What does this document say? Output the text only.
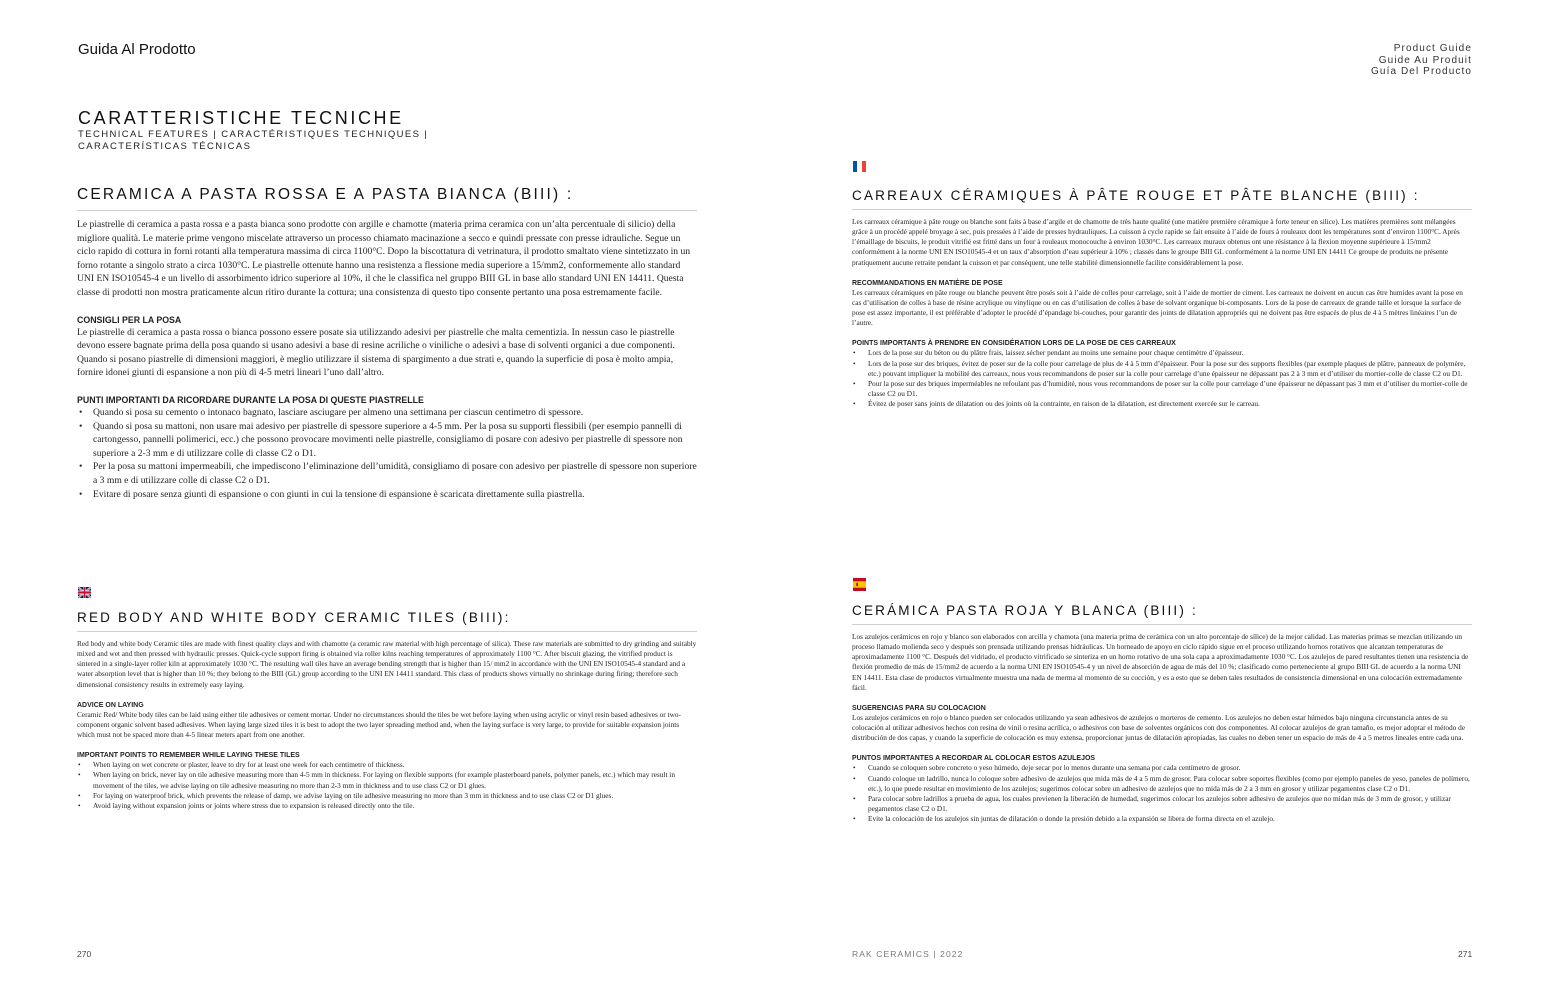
Guida Al Prodotto	Product Guide
Guide Au Produit
Guía Del Producto
CARATTERISTICHE TECNICHE
TECHNICAL FEATURES | CARACTÉRISTIQUES TECHNIQUES |
CARACTERÍSTICAS TÉCNICAS
CERAMICA A PASTA ROSSA E A PASTA BIANCA (BIII) :

Le piastrelle di ceramica a pasta rossa e a pasta bianca sono prodotte con argille e chamotte (materia prima ceramica con un’alta percentuale di silicio) della migliore qualità. Le materie prime vengono miscelate attraverso un processo chiamato macinazione a secco e quindi pressate con presse idrauliche. Segue un ciclo rapido di cottura in forni rotanti alla temperatura massima di circa 1100°C. Dopo la biscottatura di vetrinatura, il prodotto smaltato viene sintetizzato in un forno rotante a singolo strato a circa 1030°C. Le piastrelle ottenute hanno una resistenza a flessione media superiore a 15/mm2, conformemente allo standard UNI EN ISO10545-4 e un livello di assorbimento idrico superiore al 10%, il che le classifica nel gruppo BIII GL in base allo standard UNI EN 14411. Questa classe di prodotti non mostra praticamente alcun ritiro durante la cottura; una consistenza di questo tipo consente pertanto una posa estremamente facile.

CONSIGLI PER LA POSA

Le piastrelle di ceramica a pasta rossa o bianca possono essere posate sia utilizzando adesivi per piastrelle che malta cementizia. In nessun caso le piastrelle devono essere bagnate prima della posa quando si usano adesivi a base di resine acriliche o viniliche o adesivi a base di solventi organici a due componenti. Quando si posano piastrelle di dimensioni maggiori, è meglio utilizzare il sistema di spargimento a due strati e, quando la superficie di posa è molto ampia, fornire idonei giunti di espansione a non più di 4-5 metri lineari l’uno dall’altro.

PUNTI IMPORTANTI DA RICORDARE DURANTE LA POSA DI QUESTE PIASTRELLE

• Quando si posa su cemento o intonaco bagnato, lasciare asciugare per almeno una settimana per ciascun centimetro di spessore.
• Quando si posa su mattoni, non usare mai adesivo per piastrelle di spessore superiore a 4-5 mm. Per la posa su supporti flessibili (per esempio pannelli di cartongesso, pannelli polimerici, ecc.) che possono provocare movimenti nelle piastrelle, consigliamo di posare con adesivo per piastrelle di spessore non superiore a 2-3 mm e di utilizzare colle di classe C2 o D1.
• Per la posa su mattoni impermeabili, che impediscono l’eliminazione dell’umidità, consigliamo di posare con adesivo per piastrelle di spessore non superiore a 3 mm e di utilizzare colle di classe C2 o D1.
• Evitare di posare senza giunti di espansione o con giunti in cui la tensione di espansione è scaricata direttamente sulla piastrella.
CARREAUX CÉRAMIQUES À PÂTE ROUGE ET PÂTE BLANCHE (BIII) :

Les carreaux céramique à pâte rouge ou blanche sont faits à base d’argile et de chamotte de très haute qualité (une matière première céramique à forte teneur en silice). Les matières premières sont mélangées grâce à un procédé appelé broyage à sec, puis pressées à l’aide de presses hydrauliques. La cuisson à cycle rapide se fait ensuite à l’aide de fours à rouleaux dont les températures sont d’environ 1100°C. Après l’émaillage de biscuits, le produit vitrifié est fritté dans un four à rouleaux monocouche à environ 1030°C. Les carreaux muraux obtenus ont une résistance à la flexion moyenne supérieure à 15/mm2 conformément à la norme UNI EN ISO10545-4 et un taux d’absorption d’eau supérieur à 10% ; classés dans le groupe BIII GL conformément à la norme UNI EN 14411 Ce groupe de produits ne présente pratiquement aucune retraite pendant la cuisson et par conséquent, une telle stabilité dimensionnelle facilite considérablement la pose.

RECOMMANDATIONS EN MATIÈRE DE POSE

Les carreaux céramiques en pâte rouge ou blanche peuvent être posés soit à l’aide de colles pour carrelage, soit à l’aide de mortier de ciment. Les carreaux ne doivent en aucun cas être humides avant la pose en cas d’utilisation de colles à base de résine acrylique ou vinylique ou en cas d’utilisation de colles à base de solvant organique bi-composants. Lors de la pose de carreaux de grande taille et lorsque la surface de pose est assez importante, il est préférable d’adopter le procédé d’épandage bi-couches, pour garantir des joints de dilatation appropriés qui ne doivent pas être espacés de plus de 4 à 5 mètres linéaires l’un de l’autre.

POINTS IMPORTANTS À PRENDRE EN CONSIDÉRATION LORS DE LA POSE DE CES CARREAUX

• Lors de la pose sur du béton ou du plâtre frais, laissez sécher pendant au moins une semaine pour chaque centimètre d’épaisseur.
• Lors de la pose sur des briques, évitez de poser sur de la colle pour carrelage de plus de 4 à 5 mm d’épaisseur. Pour la pose sur des supports flexibles (par exemple plaques de plâtre, panneaux de polymère, etc.) pouvant impliquer la mobilité des carreaux, nous vous recommandons de poser sur la colle pour carrelage d’une épaisseur ne dépassant pas 2 à 3 mm et d’utiliser du mortier-colle de classe C2 ou D1.
• Pour la pose sur des briques imperméables ne refoulant pas d’humidité, nous vous recommandons de poser sur la colle pour carrelage d’une épaisseur ne dépassant pas 3 mm et d’utiliser du mortier-colle de classe C2 ou D1.
• Évitez de poser sans joints de dilatation ou des joints où la contrainte, en raison de la dilatation, est directement exercée sur le carreau.
RED BODY AND WHITE BODY CERAMIC TILES (BIII):

Red body and white body Ceramic tiles are made with finest quality clays and with chamotte (a ceramic raw material with high percentage of silica). These raw materials are submitted to dry grinding and suitably mixed and wet and then pressed with hydraulic presses. Quick-cycle support firing is obtained via roller kilns reaching temperatures of approximately 1100 °C. After biscuit glazing, the vitrified product is sintered in a single-layer roller kiln at approximately 1030 °C. The resulting wall tiles have an average bending strength that is higher than 15/ mm2 in accordance with the UNI EN ISO10545-4 standard and a water absorption level that is higher than 10 %; they belong to the BIII (GL) group according to the UNI EN 14411 standard. This class of products shows virtually no shrinkage during firing; therefore such dimensional consistency results in extremely easy laying.

ADVICE ON LAYING

Ceramic Red/ White body tiles can be laid using either tile adhesives or cement mortar. Under no circumstances should the tiles be wet before laying when using acrylic or vinyl resin based adhesives or two- component organic solvent based adhesives. When laying large sized tiles it is best to adopt the two layer spreading method and, when the laying surface is very large, to provide for suitable expansion joints which must not be spaced more than 4-5 linear meters apart from one another.

IMPORTANT POINTS TO REMEMBER WHILE LAYING THESE TILES

• When laying on wet concrete or plaster, leave to dry for at least one week for each centimetre of thickness.
• When laying on brick, never lay on tile adhesive measuring more than 4-5 mm in thickness. For laying on flexible supports (for example plasterboard panels, polymer panels, etc.) which may result in movement of the tiles, we advise laying on tile adhesive measuring no more than 2-3 mm in thickness and to use class C2 or D1 glues.
• For laying on waterproof brick, which prevents the release of damp, we advise laying on tile adhesive measuring no more than 3 mm in thickness and to use class C2 or D1 glues.
• Avoid laying without expansion joints or joints where stress due to expansion is released directly onto the tile.
CERÁMICA PASTA ROJA Y BLANCA (BIII) :

Los azulejos cerámicos en rojo y blanco son elaborados con arcilla y chamota (una materia prima de cerámica con un alto porcentaje de sílice) de la mejor calidad. Las materias primas se mezclan utilizando un proceso llamado molienda seco y después son prensada utilizando prensas hidráulicas. Un horneado de apoyo en ciclo rápido sigue en el proceso utilizando hornos rotativos que alcanzan temperaturas de aproximadamente 1100 °C. Después del vidriado, el producto vitrificado se sinteriza en un horno rotativo de una sola capa a aproximadamente 1030 °C. Los azulejos de pared resultantes tienen una resistencia de flexión promedio de más de 15/mm2 de acuerdo a la norma UNI EN ISO10545-4 y un nivel de absorción de agua de más del 10 %; clasificado como perteneciente al grupo BIII GL de acuerdo a la norma UNI EN 14411. Esta clase de productos virtualmente muestra una nada de merma al momento de su cocción, y es a esto que se deben tales resultados de consistencia dimensional en una colocación extremadamente fácil.

SUGERENCIAS PARA SU COLOCACION

Los azulejos cerámicos en rojo o blanco pueden ser colocados utilizando ya sean adhesivos de azulejos o morteros de cemento. Los azulejos no deben estar húmedos bajo ninguna circunstancia antes de su colocación al utilizar adhesivos hechos con resina de vinil o resina acrílica, o adhesivos con base de solventes orgánicos con dos componentes. Al colocar azulejos de gran tamaño, es mejor adoptar el método de distribución de dos capas, y cuando la superficie de colocación es muy extensa, proporcionar juntas de dilatación apropiadas, las cuales no deben tener un espacio de más de 4 a 5 metros lineales entre cada una.

PUNTOS IMPORTANTES A RECORDAR AL COLOCAR ESTOS AZULEJOS

• Cuando se coloquen sobre concreto o yeso húmedo, deje secar por lo menos durante una semana por cada centímetro de grosor.
• Cuando coloque un ladrillo, nunca lo coloque sobre adhesivo de azulejos que mida más de 4 a 5 mm de grosor. Para colocar sobre soportes flexibles (como por ejemplo paneles de yeso, paneles de polímero, etc.), lo que puede resultar en movimiento de los azulejos; sugerimos colocar sobre un adhesivo de azulejos que no mida más de 2 a 3 mm en grosor y utilizar pegamentos clase C2 o D1.
• Para colocar sobre ladrillos a prueba de agua, los cuales previenen la liberación de humedad, sugerimos colocar los azulejos sobre adhesivo de azulejos que no midan más de 3 mm de grosor, y utilizar pegamentos clase C2 o D1.
• Evite la colocación de los azulejos sin juntas de dilatación o donde la presión debido a la expansión se libera de forma directa en el azulejo.
270	RAK CERAMICS | 2022	271
